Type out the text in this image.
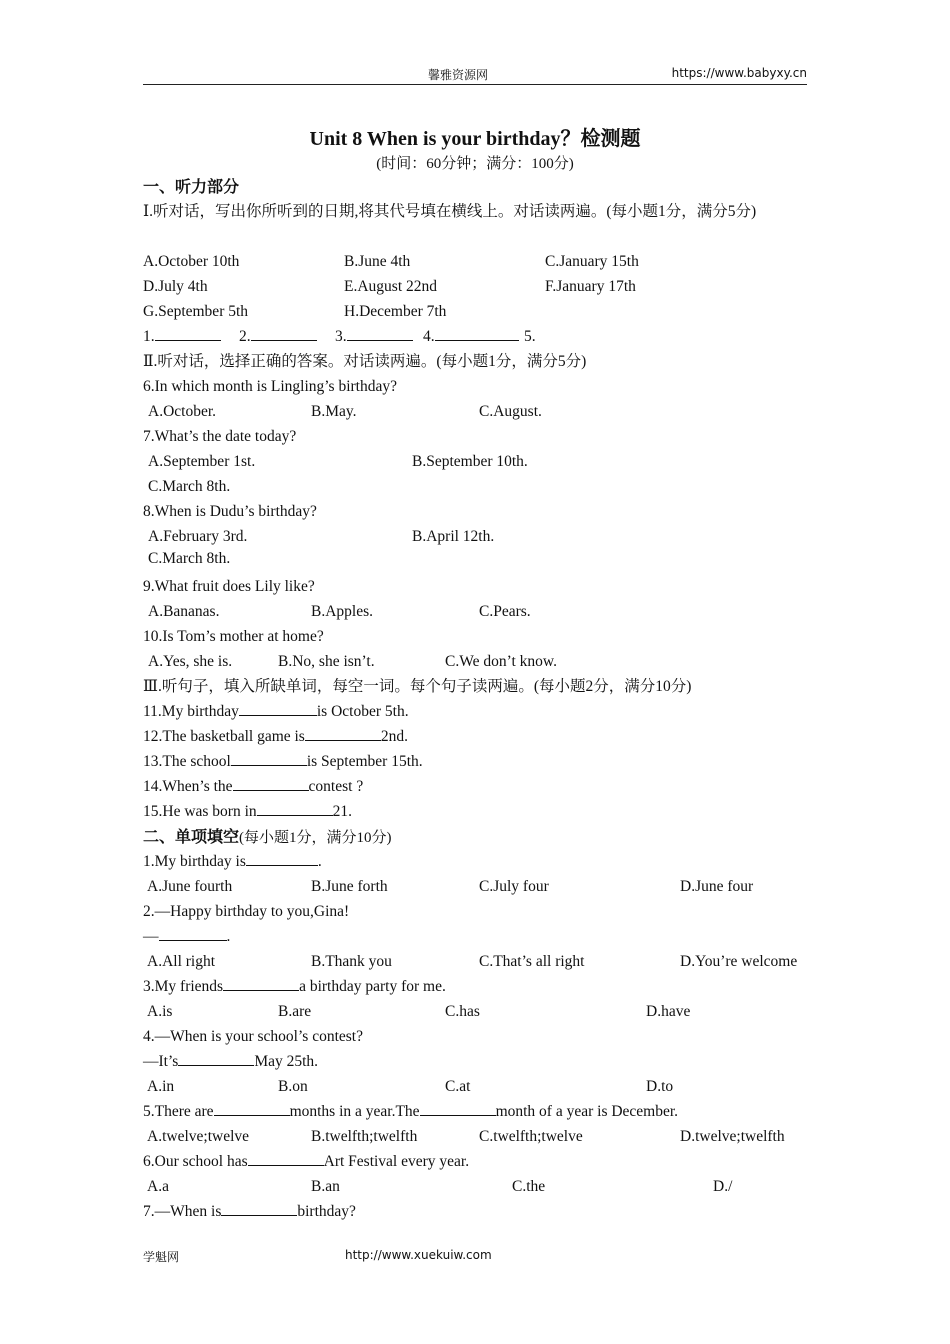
馨雅资源网	https://www.babyxy.cn
Unit 8 When is your birthday？检测题
(时间：60分钟；满分：100分)
一、听力部分
Ⅰ.听对话，写出你所听到的日期,将其代号填在横线上。对话读两遍。(每小题1分，满分5分)
A.October 10th	B.June 4th	C.January 15th
D.July 4th	E.August 22nd	F.January 17th
G.September 5th	H.December 7th
1.	2.	3.	4.	5.
Ⅱ.听对话，选择正确的答案。对话读两遍。(每小题1分，满分5分)
6.In which month is Lingling’s birthday?
A.October.	B.May.	C.August.
7.What’s the date today?
A.September 1st.	B.September 10th.
C.March 8th.
8.When is Dudu’s birthday?
A.February 3rd.	B.April 12th.
C.March 8th.
9.What fruit does Lily like?
A.Bananas.	B.Apples.	C.Pears.
10.Is Tom’s mother at home?
A.Yes, she is.	B.No, she isn’t.	C.We don’t know.
Ⅲ.听句子，填入所缺单词，每空一词。每个句子读两遍。(每小题2分，满分10分)
11.My birthday	is October 5th.
12.The basketball game is	2nd.
13.The school	is September 15th.
14.When’s the	contest ?
15.He was born in	21.
二、单项填空(每小题1分，满分10分)
1.My birthday is	.
A.June fourth	B.June forth	C.July four	D.June four
2.—Happy birthday to you,Gina!
—	.
A.All right	B.Thank you	C.That’s all right	D.You’re welcome
3.My friends	a birthday party for me.
A.is	B.are	C.has	D.have
4.—When is your school’s contest?
—It’s	May 25th.
A.in	B.on	C.at	D.to
5.There are	months in a year.The	month of a year is December.
A.twelve;twelve	B.twelfth;twelfth	C.twelfth;twelve	D.twelve;twelfth
6.Our school has	Art Festival every year.
A.a	B.an	C.the	D./
7.—When is	birthday?
学魁网	http://www.xuekuiw.com
